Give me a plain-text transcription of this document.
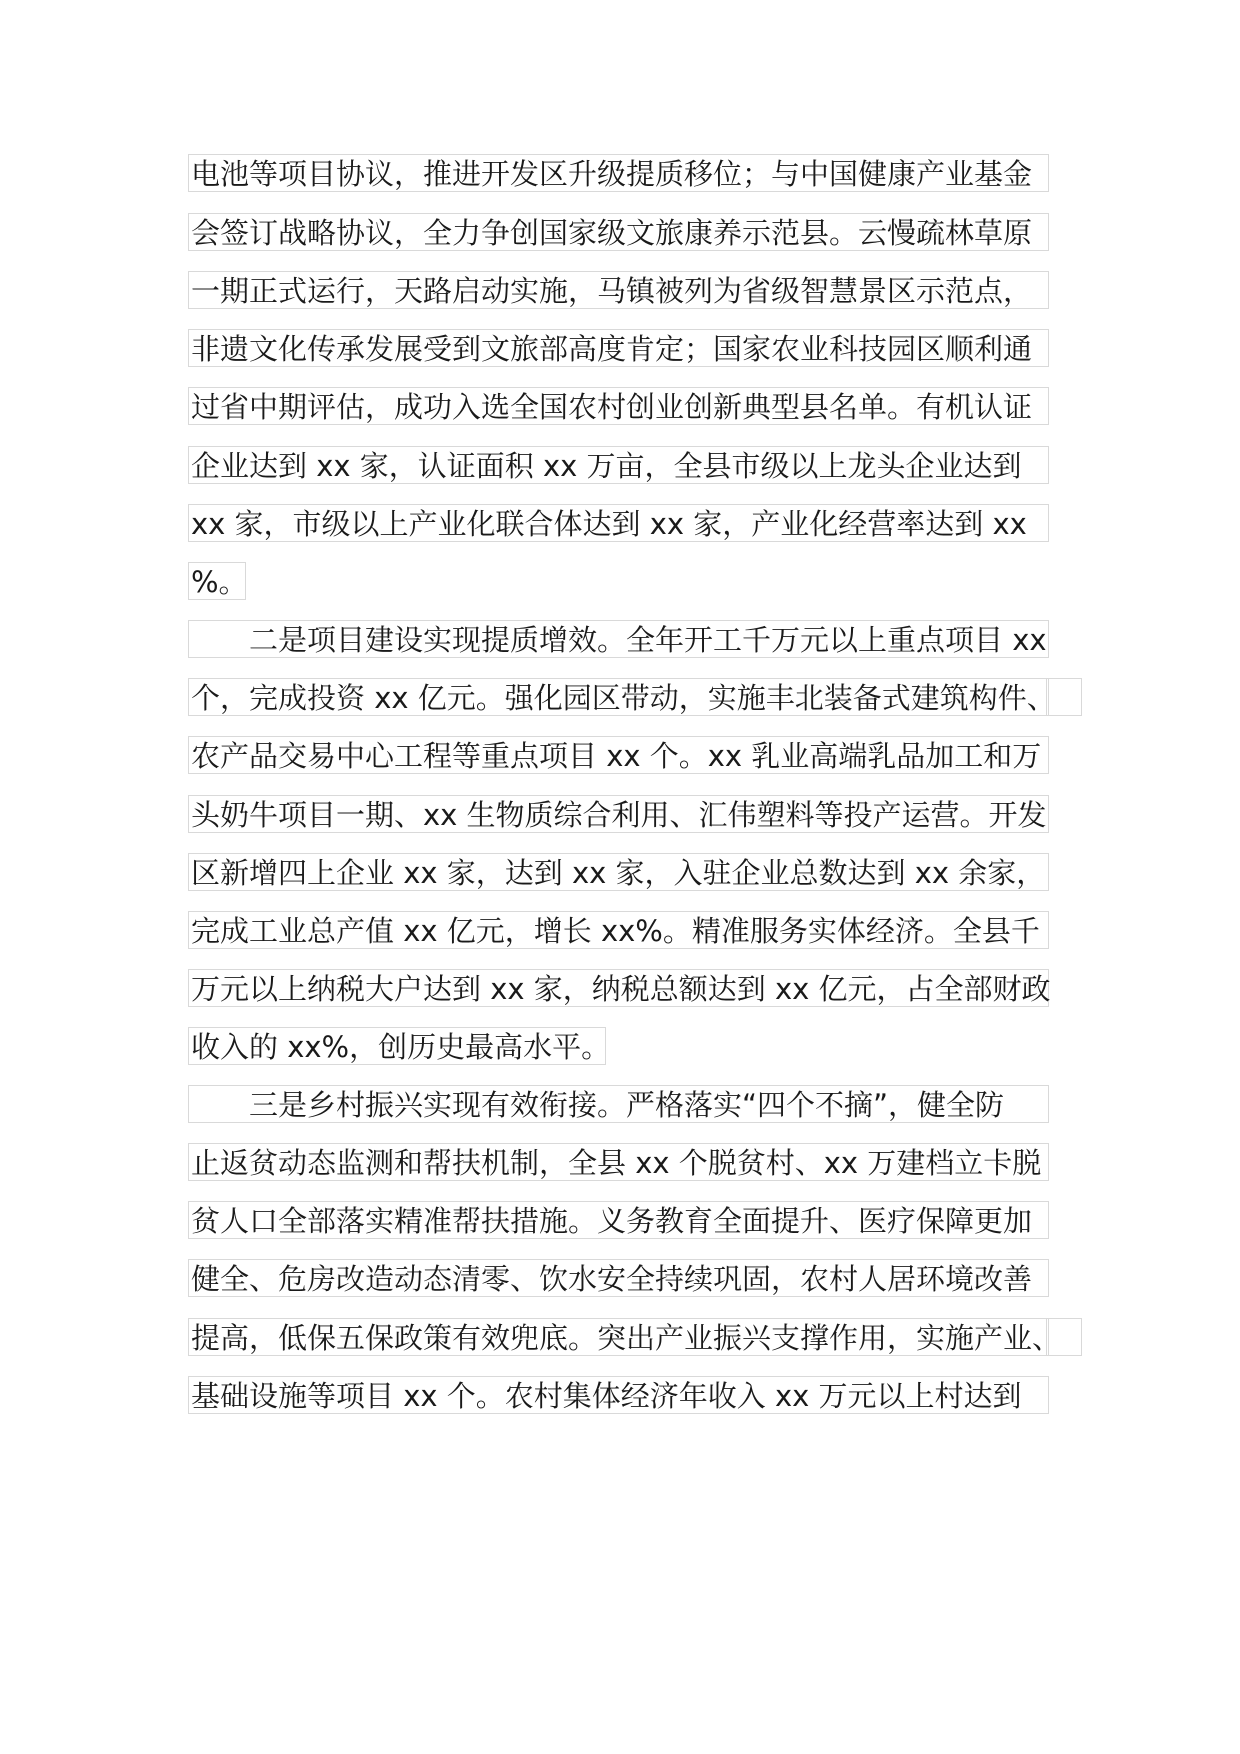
电池等项目协议，推进开发区升级提质移位；与中国健康产业基金
会签订战略协议，全力争创国家级文旅康养示范县。云慢疏林草原
一期正式运行，天路启动实施，马镇被列为省级智慧景区示范点，
非遗文化传承发展受到文旅部高度肯定；国家农业科技园区顺利通
过省中期评估，成功入选全国农村创业创新典型县名单。有机认证
企业达到 xx 家，认证面积 xx 万亩，全县市级以上龙头企业达到
xx 家，市级以上产业化联合体达到 xx 家，产业化经营率达到 xx
%。
二是项目建设实现提质增效。全年开工千万元以上重点项目 xx
个，完成投资 xx 亿元。强化园区带动，实施丰北装备式建筑构件、
农产品交易中心工程等重点项目 xx 个。xx 乳业高端乳品加工和万
头奶牛项目一期、xx 生物质综合利用、汇伟塑料等投产运营。开发
区新增四上企业 xx 家，达到 xx 家，入驻企业总数达到 xx 余家，
完成工业总产值 xx 亿元，增长 xx%。精准服务实体经济。全县千
万元以上纳税大户达到 xx 家，纳税总额达到 xx 亿元，占全部财政
收入的 xx%，创历史最高水平。
三是乡村振兴实现有效衔接。严格落实“四个不摘”，健全防
止返贫动态监测和帮扶机制，全县 xx 个脱贫村、xx 万建档立卡脱
贫人口全部落实精准帮扶措施。义务教育全面提升、医疗保障更加
健全、危房改造动态清零、饮水安全持续巩固，农村人居环境改善
提高，低保五保政策有效兜底。突出产业振兴支撑作用，实施产业、
基础设施等项目 xx 个。农村集体经济年收入 xx 万元以上村达到
